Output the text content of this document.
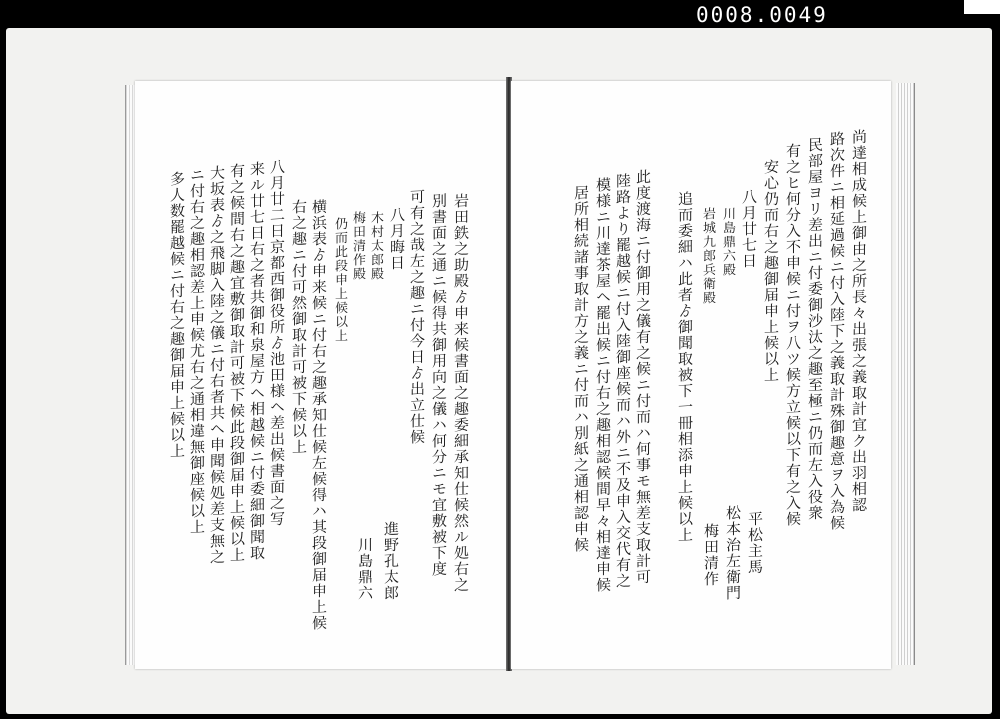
0008.0049
岩田鉄之助殿ゟ申来候書面之趣委細承知仕候然ル処右之
別書面之通ニ候得共御用向之儀ハ何分ニモ宜敷被下度
可有之哉左之趣ニ付今日ゟ出立仕候
八月晦日
木村太郎殿
梅田清作殿
仍而此段申上候以上
横浜表ゟ申来候ニ付右之趣承知仕候左候得ハ其段御届申上候
右之趣ニ付可然御取計可被下候以上
八月廿二日京都西御役所ゟ池田様ヘ差出候書面之写
来ル廿七日右之者共御和泉屋方ヘ相越候ニ付委細御聞取
有之候間右之趣宜敷御取計可被下候此段御届申上候以上
大坂表ゟ之飛脚入陸之儀ニ付右者共ヘ申聞候処差支無之
ニ付右之趣相認差上申候尤右之通相違無御座候以上
多人数罷越候ニ付右之趣御届申上候以上
進野孔太郎
川島鼎六
尚達相成候上御由之所長々出張之義取計宜ク出羽相認
路次件ニ相延過候ニ付入陸下之義取計殊御趣意ヲ入為候
民部屋ヨリ差出ニ付委御沙汰之趣至極ニ仍而左入役衆
有之ヒ何分入不申候ニ付ヲ八ツ候方立候以下有之入候
安心仍而右之趣御届申上候以上
八月廿七日
川島鼎六殿
岩城九郎兵衛殿
追而委細ハ此者ゟ御聞取被下一冊相添申上候以上
此度渡海ニ付御用之儀有之候ニ付而ハ何事モ無差支取計可
陸路より罷越候ニ付入陸御座候而ハ外ニ不及申入交代有之
模様ニ川達茶屋ヘ罷出候ニ付右之趣相認候間早々相達申候
居所相続諸事取計方之義ニ付而ハ別紙之通相認申候	平松主馬
松本治左衛門
梅田清作
